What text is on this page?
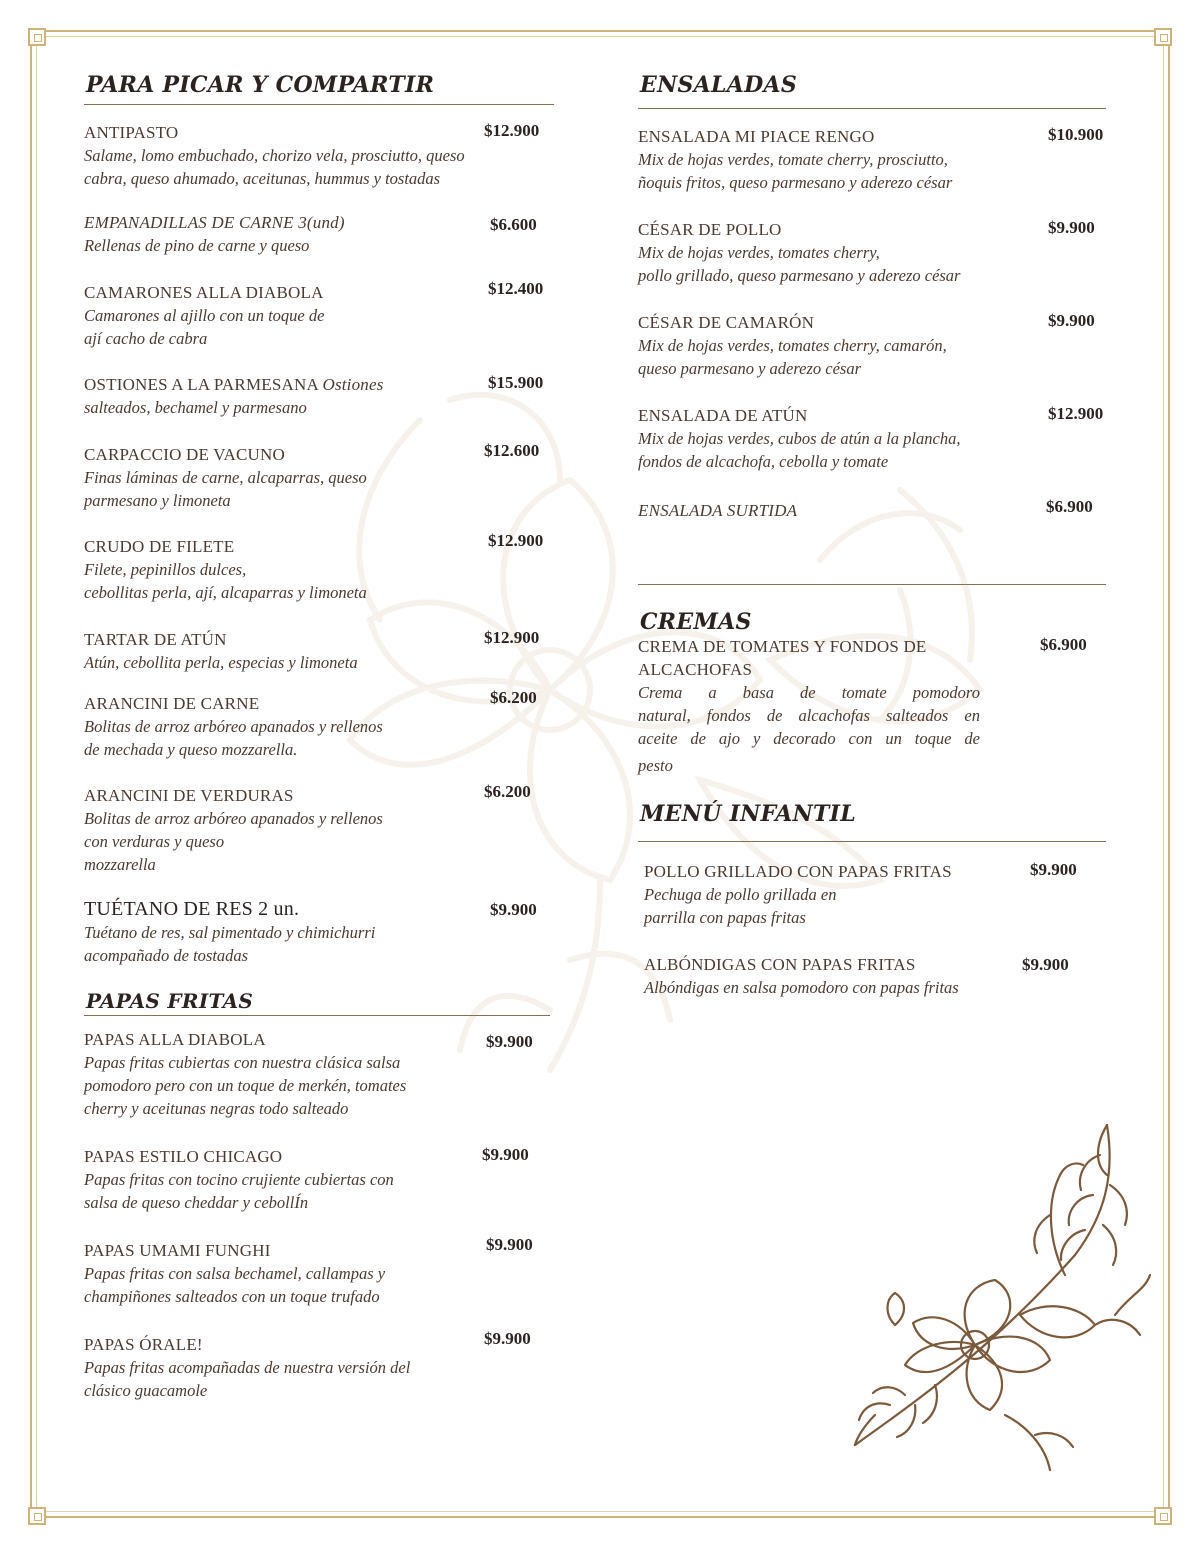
PARA PICAR Y COMPARTIR
ANTIPASTO	$12.900
Salame, lomo embuchado, chorizo vela, prosciutto, queso
cabra, queso ahumado, aceitunas, hummus y tostadas
EMPANADILLAS DE CARNE 3(und)	$6.600
Rellenas de pino de carne y queso
CAMARONES ALLA DIABOLA	$12.400
Camarones al ajillo con un toque de
ají cacho de cabra
OSTIONES A LA PARMESANA Ostiones	$15.900
salteados, bechamel y parmesano
CARPACCIO DE VACUNO	$12.600
Finas láminas de carne, alcaparras, queso
parmesano y limoneta
CRUDO DE FILETE	$12.900
Filete, pepinillos dulces,
cebollitas perla, ají, alcaparras y limoneta
TARTAR DE ATÚN	$12.900
Atún, cebollita perla, especias y limoneta
ARANCINI DE CARNE	$6.200
Bolitas de arroz arbóreo apanados y rellenos
de mechada y queso mozzarella.
ARANCINI DE VERDURAS	$6.200
Bolitas de arroz arbóreo apanados y rellenos
con verduras y queso
mozzarella
TUÉTANO DE RES 2 un.	$9.900
Tuétano de res, sal pimentado y chimichurri
acompañado de tostadas
PAPAS FRITAS
PAPAS ALLA DIABOLA	$9.900
Papas fritas cubiertas con nuestra clásica salsa
pomodoro pero con un toque de merkén, tomates
cherry y aceitunas negras todo salteado
PAPAS ESTILO CHICAGO	$9.900
Papas fritas con tocino crujiente cubiertas con
salsa de queso cheddar y cebollÍn
PAPAS UMAMI FUNGHI	$9.900
Papas fritas con salsa bechamel, callampas y
champiñones salteados con un toque trufado
PAPAS ÓRALE!	$9.900
Papas fritas acompañadas de nuestra versión del
clásico guacamole
ENSALADAS
ENSALADA MI PIACE RENGO	$10.900
Mix de hojas verdes, tomate cherry, prosciutto,
ñoquis fritos, queso parmesano y aderezo césar
CÉSAR DE POLLO	$9.900
Mix de hojas verdes, tomates cherry,
pollo grillado, queso parmesano y aderezo césar
CÉSAR DE CAMARÓN	$9.900
Mix de hojas verdes, tomates cherry, camarón,
queso parmesano y aderezo césar
ENSALADA DE ATÚN	$12.900
Mix de hojas verdes, cubos de atún a la plancha,
fondos de alcachofa, cebolla y tomate
ENSALADA SURTIDA	$6.900
CREMAS
CREMA DE TOMATES Y FONDOS DE
ALCACHOFAS
$6.900
Crema a basa de tomate pomodoro
natural, fondos de alcachofas salteados en
aceite de ajo y decorado con un toque de
pesto
MENÚ INFANTIL
POLLO GRILLADO CON PAPAS FRITAS	$9.900
Pechuga de pollo grillada en
parrilla con papas fritas
ALBÓNDIGAS CON PAPAS FRITAS	$9.900
Albóndigas en salsa pomodoro con papas fritas
